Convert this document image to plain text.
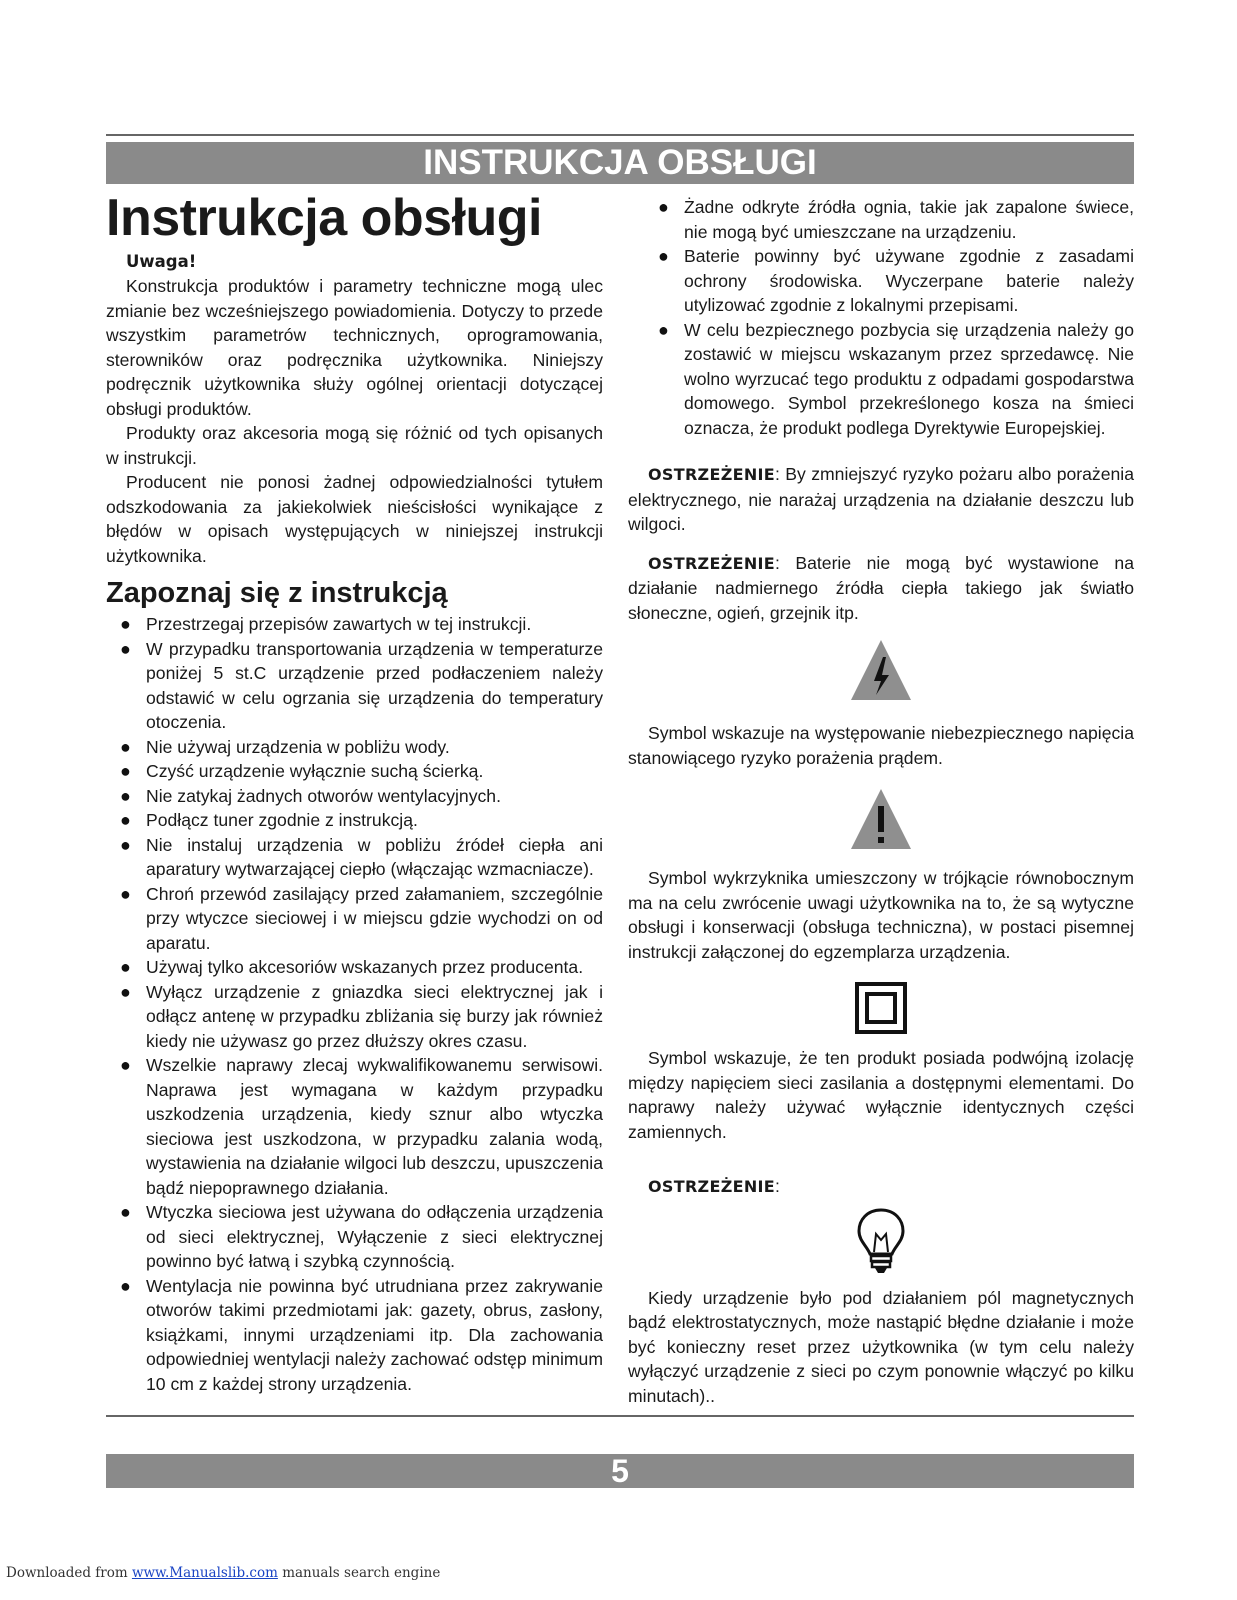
INSTRUKCJA OBSŁUGI
Instrukcja obsługi
Uwaga!

Konstrukcja produktów i parametry techniczne mogą ulec zmianie bez wcześniejszego powiadomienia. Dotyczy to przede wszystkim parametrów technicznych, oprogramowania, sterowników oraz podręcznika użytkownika. Niniejszy podręcznik użytkownika służy ogólnej orientacji dotyczącej obsługi produktów.

Produkty oraz akcesoria mogą się różnić od tych opisanych w instrukcji.

Producent nie ponosi żadnej odpowiedzialności tytułem odszkodowania za jakiekolwiek nieścisłości wynikające z błędów w opisach występujących w niniejszej instrukcji użytkownika.

Zapoznaj się z instrukcją
● Przestrzegaj przepisów zawartych w tej instrukcji.
● W przypadku transportowania urządzenia w temperaturze poniżej 5 st.C urządzenie przed podłaczeniem należy odstawić w celu ogrzania się urządzenia do temperatury otoczenia.
● Nie używaj urządzenia w pobliżu wody.
● Czyść urządzenie wyłącznie suchą ścierką.
● Nie zatykaj żadnych otworów wentylacyjnych.
● Podłącz tuner zgodnie z instrukcją.
● Nie instaluj urządzenia w pobliżu źródeł ciepła ani aparatury wytwarzającej ciepło (włączając wzmacniacze).
● Chroń przewód zasilający przed załamaniem, szczególnie przy wtyczce sieciowej i w miejscu gdzie wychodzi on od aparatu.
● Używaj tylko akcesoriów wskazanych przez producenta.
● Wyłącz urządzenie z gniazdka sieci elektrycznej jak i odłącz antenę w przypadku zbliżania się burzy jak również kiedy nie używasz go przez dłuższy okres czasu.
● Wszelkie naprawy zlecaj wykwalifikowanemu serwisowi. Naprawa jest wymagana w każdym przypadku uszkodzenia urządzenia, kiedy sznur albo wtyczka sieciowa jest uszkodzona, w przypadku zalania wodą, wystawienia na działanie wilgoci lub deszczu, upuszczenia bądź niepoprawnego działania.
● Wtyczka sieciowa jest używana do odłączenia urządzenia od sieci elektrycznej, Wyłączenie z sieci elektrycznej powinno być łatwą i szybką czynnością.
● Wentylacja nie powinna być utrudniana przez zakrywanie otworów takimi przedmiotami jak: gazety, obrus, zasłony, książkami, innymi urządzeniami itp. Dla zachowania odpowiedniej wentylacji należy zachować odstęp minimum 10 cm z każdej strony urządzenia.
● Żadne odkryte źródła ognia, takie jak zapalone świece, nie mogą być umieszczane na urządzeniu.
● Baterie powinny być używane zgodnie z zasadami ochrony środowiska. Wyczerpane baterie należy utylizować zgodnie z lokalnymi przepisami.
● W celu bezpiecznego pozbycia się urządzenia należy go zostawić w miejscu wskazanym przez sprzedawcę. Nie wolno wyrzucać tego produktu z odpadami gospodarstwa domowego. Symbol przekreślonego kosza na śmieci oznacza, że produkt podlega Dyrektywie Europejskiej.

OSTRZEŻENIE: By zmniejszyć ryzyko pożaru albo porażenia elektrycznego, nie narażaj urządzenia na działanie deszczu lub wilgoci.

OSTRZEŻENIE: Baterie nie mogą być wystawione na działanie nadmiernego źródła ciepła takiego jak światło słoneczne, ogień, grzejnik itp.

Symbol wskazuje na występowanie niebezpiecznego napięcia stanowiącego ryzyko porażenia prądem.

Symbol wykrzyknika umieszczony w trójkącie równobocznym ma na celu zwrócenie uwagi użytkownika na to, że są wytyczne obsługi i konserwacji (obsługa techniczna), w postaci pisemnej instrukcji załączonej do egzemplarza urządzenia.

Symbol wskazuje, że ten produkt posiada podwójną izolację między napięciem sieci zasilania a dostępnymi elementami. Do naprawy należy używać wyłącznie identycznych części zamiennych.

OSTRZEŻENIE:

Kiedy urządzenie było pod działaniem pól magnetycznych bądź elektrostatycznych, może nastąpić błędne działanie i może być konieczny reset przez użytkownika (w tym celu należy wyłączyć urządzenie z sieci po czym ponownie włączyć po kilku minutach)..

5
Downloaded from www.Manualslib.com manuals search engine
